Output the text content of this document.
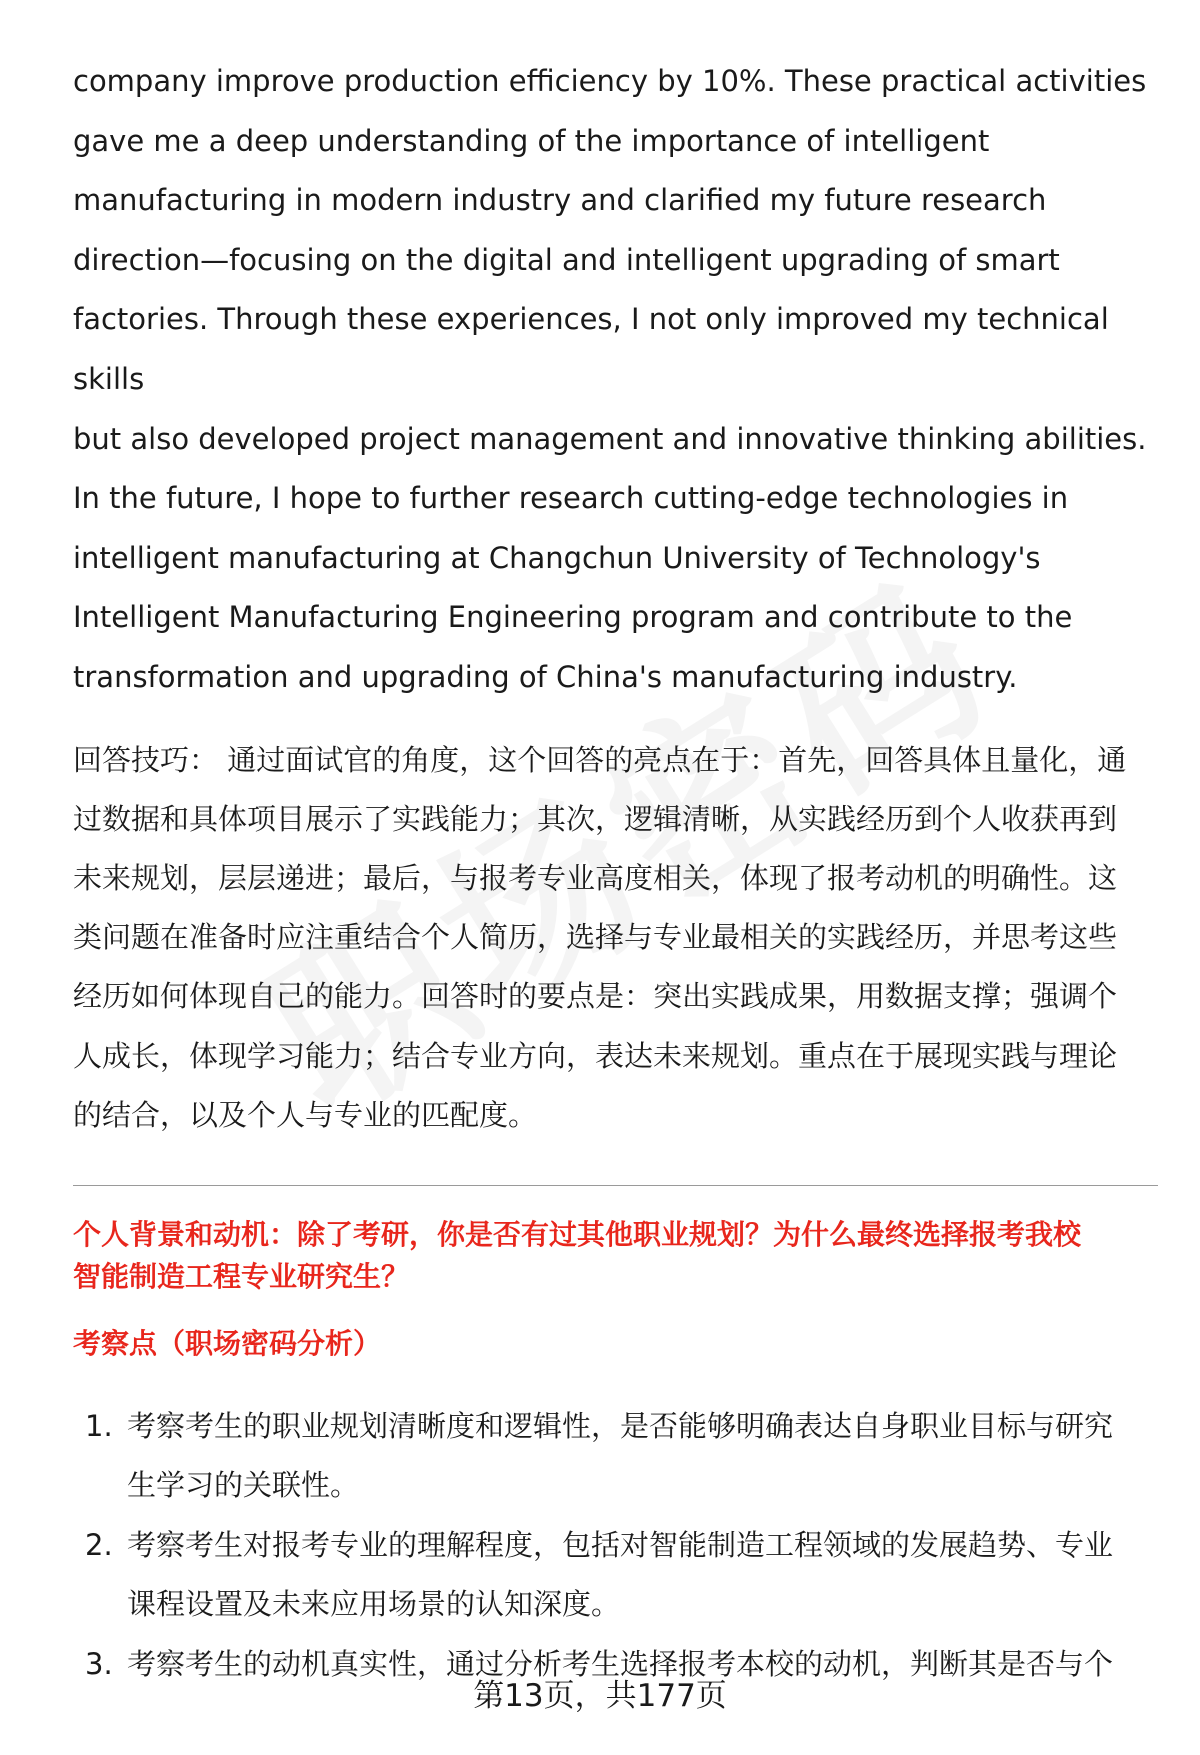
company improve production efficiency by 10%. These practical activities
gave me a deep understanding of the importance of intelligent
manufacturing in modern industry and clarified my future research
direction—focusing on the digital and intelligent upgrading of smart
factories. Through these experiences, I not only improved my technical skills
but also developed project management and innovative thinking abilities.
In the future, I hope to further research cutting-edge technologies in
intelligent manufacturing at Changchun University of Technology's
Intelligent Manufacturing Engineering program and contribute to the
transformation and upgrading of China's manufacturing industry.

回答技巧： 通过面试官的角度，这个回答的亮点在于：首先，回答具体且量化，通
过数据和具体项目展示了实践能力；其次，逻辑清晰，从实践经历到个人收获再到
未来规划，层层递进；最后，与报考专业高度相关，体现了报考动机的明确性。这
类问题在准备时应注重结合个人简历，选择与专业最相关的实践经历，并思考这些
经历如何体现自己的能力。回答时的要点是：突出实践成果，用数据支撑；强调个
人成长，体现学习能力；结合专业方向，表达未来规划。重点在于展现实践与理论
的结合，以及个人与专业的匹配度。

个人背景和动机：除了考研，你是否有过其他职业规划？为什么最终选择报考我校
智能制造工程专业研究生？
考察点（职场密码分析）
1. 考察考生的职业规划清晰度和逻辑性，是否能够明确表达自身职业目标与研究
生学习的关联性。
2. 考察考生对报考专业的理解程度，包括对智能制造工程领域的发展趋势、专业
课程设置及未来应用场景的认知深度。
3. 考察考生的动机真实性，通过分析考生选择报考本校的动机，判断其是否与个
第13页，共177页
